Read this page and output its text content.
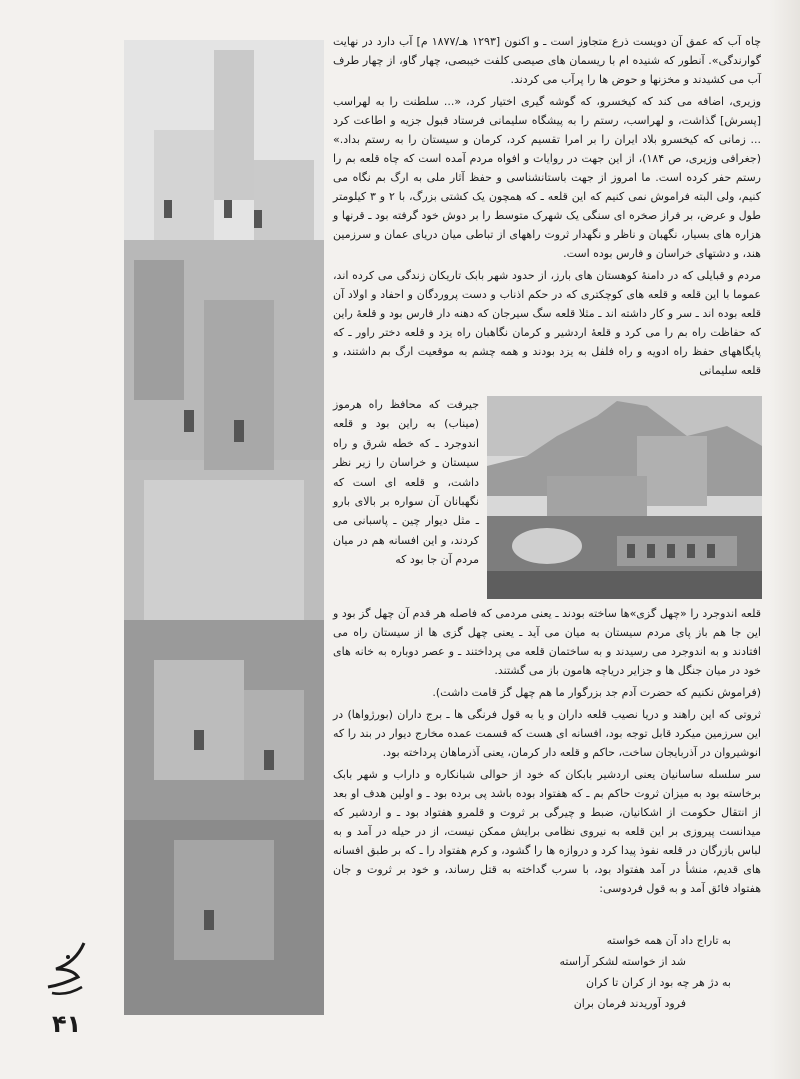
۴۱

چاه آب که عمق آن دویست ذرع متجاوز است ـ و اکنون [۱۲۹۳ هـ/۱۸۷۷ م] آب دارد در نهایت گوارندگی». آنطور که شنیده ام با ریسمان های صیصی کلفت خیبصی، چهار گاو، از چهار طرف آب می کشیدند و مخزنها و حوض ها را پرآب می کردند.

وزیری، اضافه می کند که کیخسرو، که گوشه گیری اختیار کرد، «... سلطنت را به لهراسب [پسرش] گذاشت، و لهراسب، رستم را به پیشگاه سلیمانی فرستاد قبول جزیه و اطاعت کرد ... زمانی که کیخسرو بلاد ایران را بر امرا تقسیم کرد، کرمان و سیستان را به رستم بداد.» (جغرافی وزیری، ص ۱۸۴)، از این جهت در روایات و افواه مردم آمده است که چاه قلعه بم را رستم حفر کرده است. ما امروز از جهت باستانشناسی و حفظ آثار ملی به ارگ بم نگاه می کنیم، ولی البته فراموش نمی کنیم که این قلعه ـ که همچون یک کشتی بزرگ، با ۲ و ۳ کیلومتر طول و عرض، بر فراز صخره ای سنگی یک شهرک متوسط را بر دوش خود گرفته بود ـ قرنها و هزاره های بسیار، نگهبان و ناظر و نگهدار ثروت راههای از تباطی میان دریای عمان و سرزمین هند، و دشتهای خراسان و فارس بوده است.

مردم و قبایلی که در دامنهٔ کوهستان های بارز، از حدود شهر بابک تاریکان زندگی می کرده اند، عموما با این قلعه و قلعه های کوچکتری که در حکم اذناب و دست پروردگان و احفاد و اولاد آن قلعه بوده اند ـ سر و کار داشته اند ـ مثلا قلعه سگ سیرجان که دهنه دار فارس بود و قلعهٔ راین که حفاظت راه بم را می کرد و قلعهٔ اردشیر و کرمان نگاهبان راه یزد و قلعه دختر راور ـ که پایگاههای حفظ راه ادویه و راه فلفل به یزد بودند و همه چشم به موقعیت ارگ بم داشتند، و قلعه سلیمانی

جیرفت که محافظ راه هرموز (میناب) به راین بود و قلعه اندوجرد ـ که خطه شرق و راه سیستان و خراسان را زیر نظر داشت، و قلعه ای است که نگهبانان آن سواره بر بالای بارو ـ مثل دیوار چین ـ پاسبانی می کردند، و این افسانه هم در میان مردم آن جا بود که

قلعه اندوجرد را «چهل گزی»ها ساخته بودند ـ یعنی مردمی که فاصله هر قدم آن چهل گز بود و این جا هم باز پای مردم سیستان به میان می آید ـ یعنی چهل گزی ها از سیستان راه می افتادند و به اندوجرد می رسیدند و به ساختمان قلعه می پرداختند ـ و عصر دوباره به خانه های خود در میان جنگل ها و جزایر دریاچه هامون باز می گشتند.

(فراموش نکنیم که حضرت آدم جد بزرگوار ما هم چهل گز قامت داشت).

ثروتی که این راهند و دریا نصیب قلعه داران و یا به قول فرنگی ها ـ برج داران (بورژواها) در این سرزمین میکرد قابل توجه بود، افسانه ای هست که قسمت عمده مخارج دیوار در بند را که انوشیروان در آذربایجان ساخت، حاکم و قلعه دار کرمان، یعنی آذرماهان پرداخته بود.

سر سلسله ساسانیان یعنی اردشیر بابکان که خود از حوالی شبانکاره و داراب و شهر بابک برخاسته بود به میزان ثروت حاکم بم ـ که هفتواد بوده باشد پی برده بود ـ و اولین هدف او بعد از انتقال حکومت از اشکانیان، ضبط و چیرگی بر ثروت و قلمرو هفتواد بود ـ و اردشیر که میدانست پیروزی بر این قلعه به نیروی نظامی برایش ممکن نیست، از در حیله در آمد و به لباس بازرگان در قلعه نفوذ پیدا کرد و دروازه ها را گشود، و کرم هفتواد را ـ که بر طبق افسانه های قدیم، منشأ در آمد هفتواد بود، با سرب گداخته به قتل رساند، و خود بر ثروت و جان هفتواد فائق آمد و به قول فردوسی:

به تاراج داد آن همه خواسته
شد از خواسته لشکر آراسته
به دژ هر چه بود از کران تا کران
فرود آوریدند فرمان بران
